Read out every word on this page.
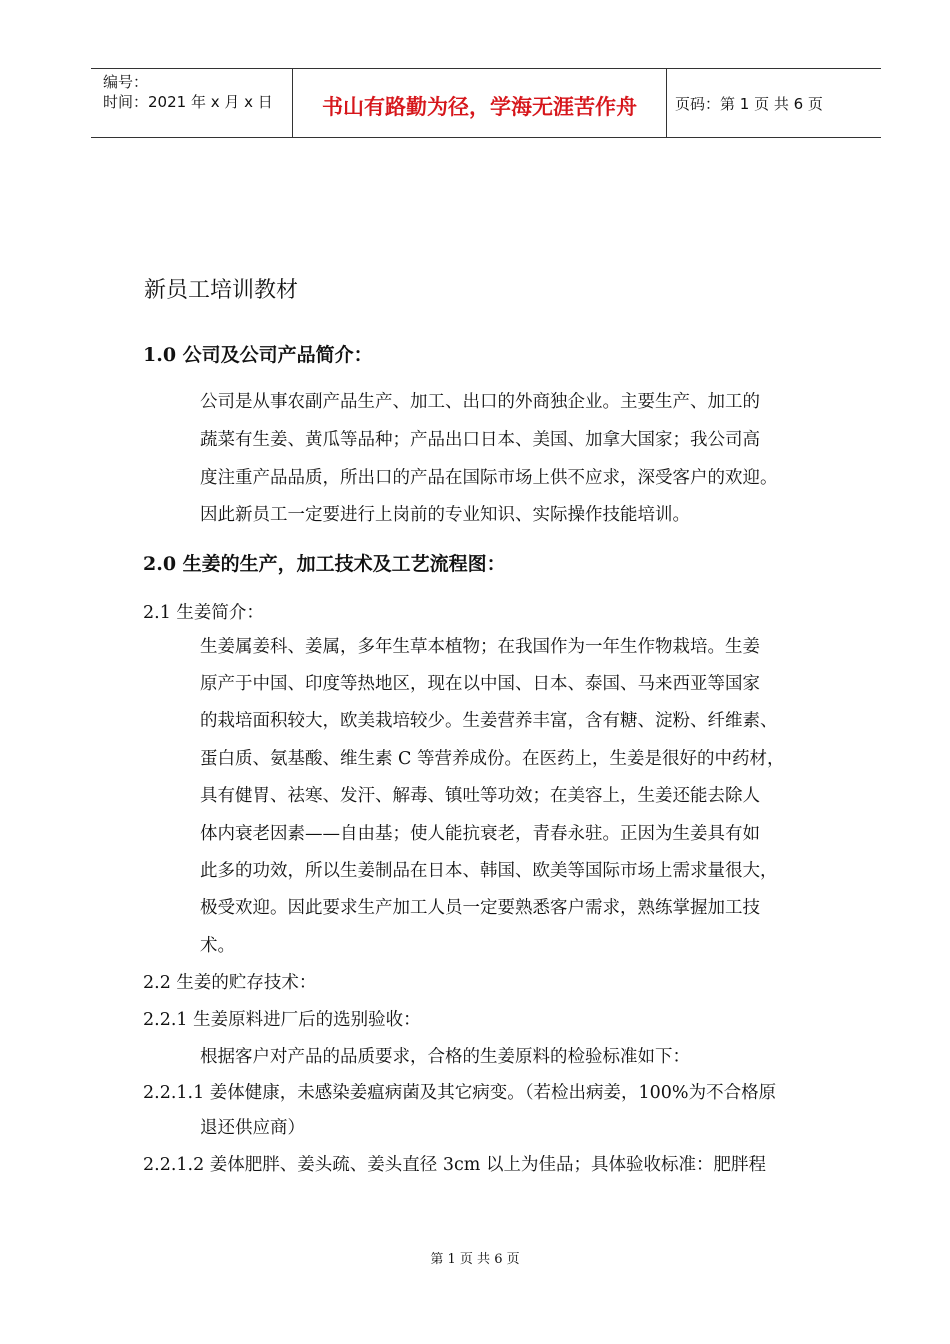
编号：
时间：2021 年 x 月 x 日	书山有路勤为径，学海无涯苦作舟	页码：第 1 页 共 6 页
新员工培训教材
1.0 公司及公司产品简介：
公司是从事农副产品生产、加工、出口的外商独企业。主要生产、加工的
蔬菜有生姜、黄瓜等品种；产品出口日本、美国、加拿大国家；我公司高
度注重产品品质，所出口的产品在国际市场上供不应求，深受客户的欢迎。
因此新员工一定要进行上岗前的专业知识、实际操作技能培训。
2.0 生姜的生产，加工技术及工艺流程图：
2.1 生姜简介：
生姜属姜科、姜属，多年生草本植物；在我国作为一年生作物栽培。生姜
原产于中国、印度等热地区，现在以中国、日本、泰国、马来西亚等国家
的栽培面积较大，欧美栽培较少。生姜营养丰富，含有糖、淀粉、纤维素、
蛋白质、氨基酸、维生素 C 等营养成份。在医药上，生姜是很好的中药材，
具有健胃、祛寒、发汗、解毒、镇吐等功效；在美容上，生姜还能去除人
体内衰老因素——自由基；使人能抗衰老，青春永驻。正因为生姜具有如
此多的功效，所以生姜制品在日本、韩国、欧美等国际市场上需求量很大，
极受欢迎。因此要求生产加工人员一定要熟悉客户需求，熟练掌握加工技
术。
2.2 生姜的贮存技术：
2.2.1 生姜原料进厂后的选别验收：
根据客户对产品的品质要求，合格的生姜原料的检验标准如下：
2.2.1.1 姜体健康，未感染姜瘟病菌及其它病变。（若检出病姜，100%为不合格原
退还供应商）
2.2.1.2 姜体肥胖、姜头疏、姜头直径 3cm 以上为佳品；具体验收标准：肥胖程
第 1 页 共 6 页
